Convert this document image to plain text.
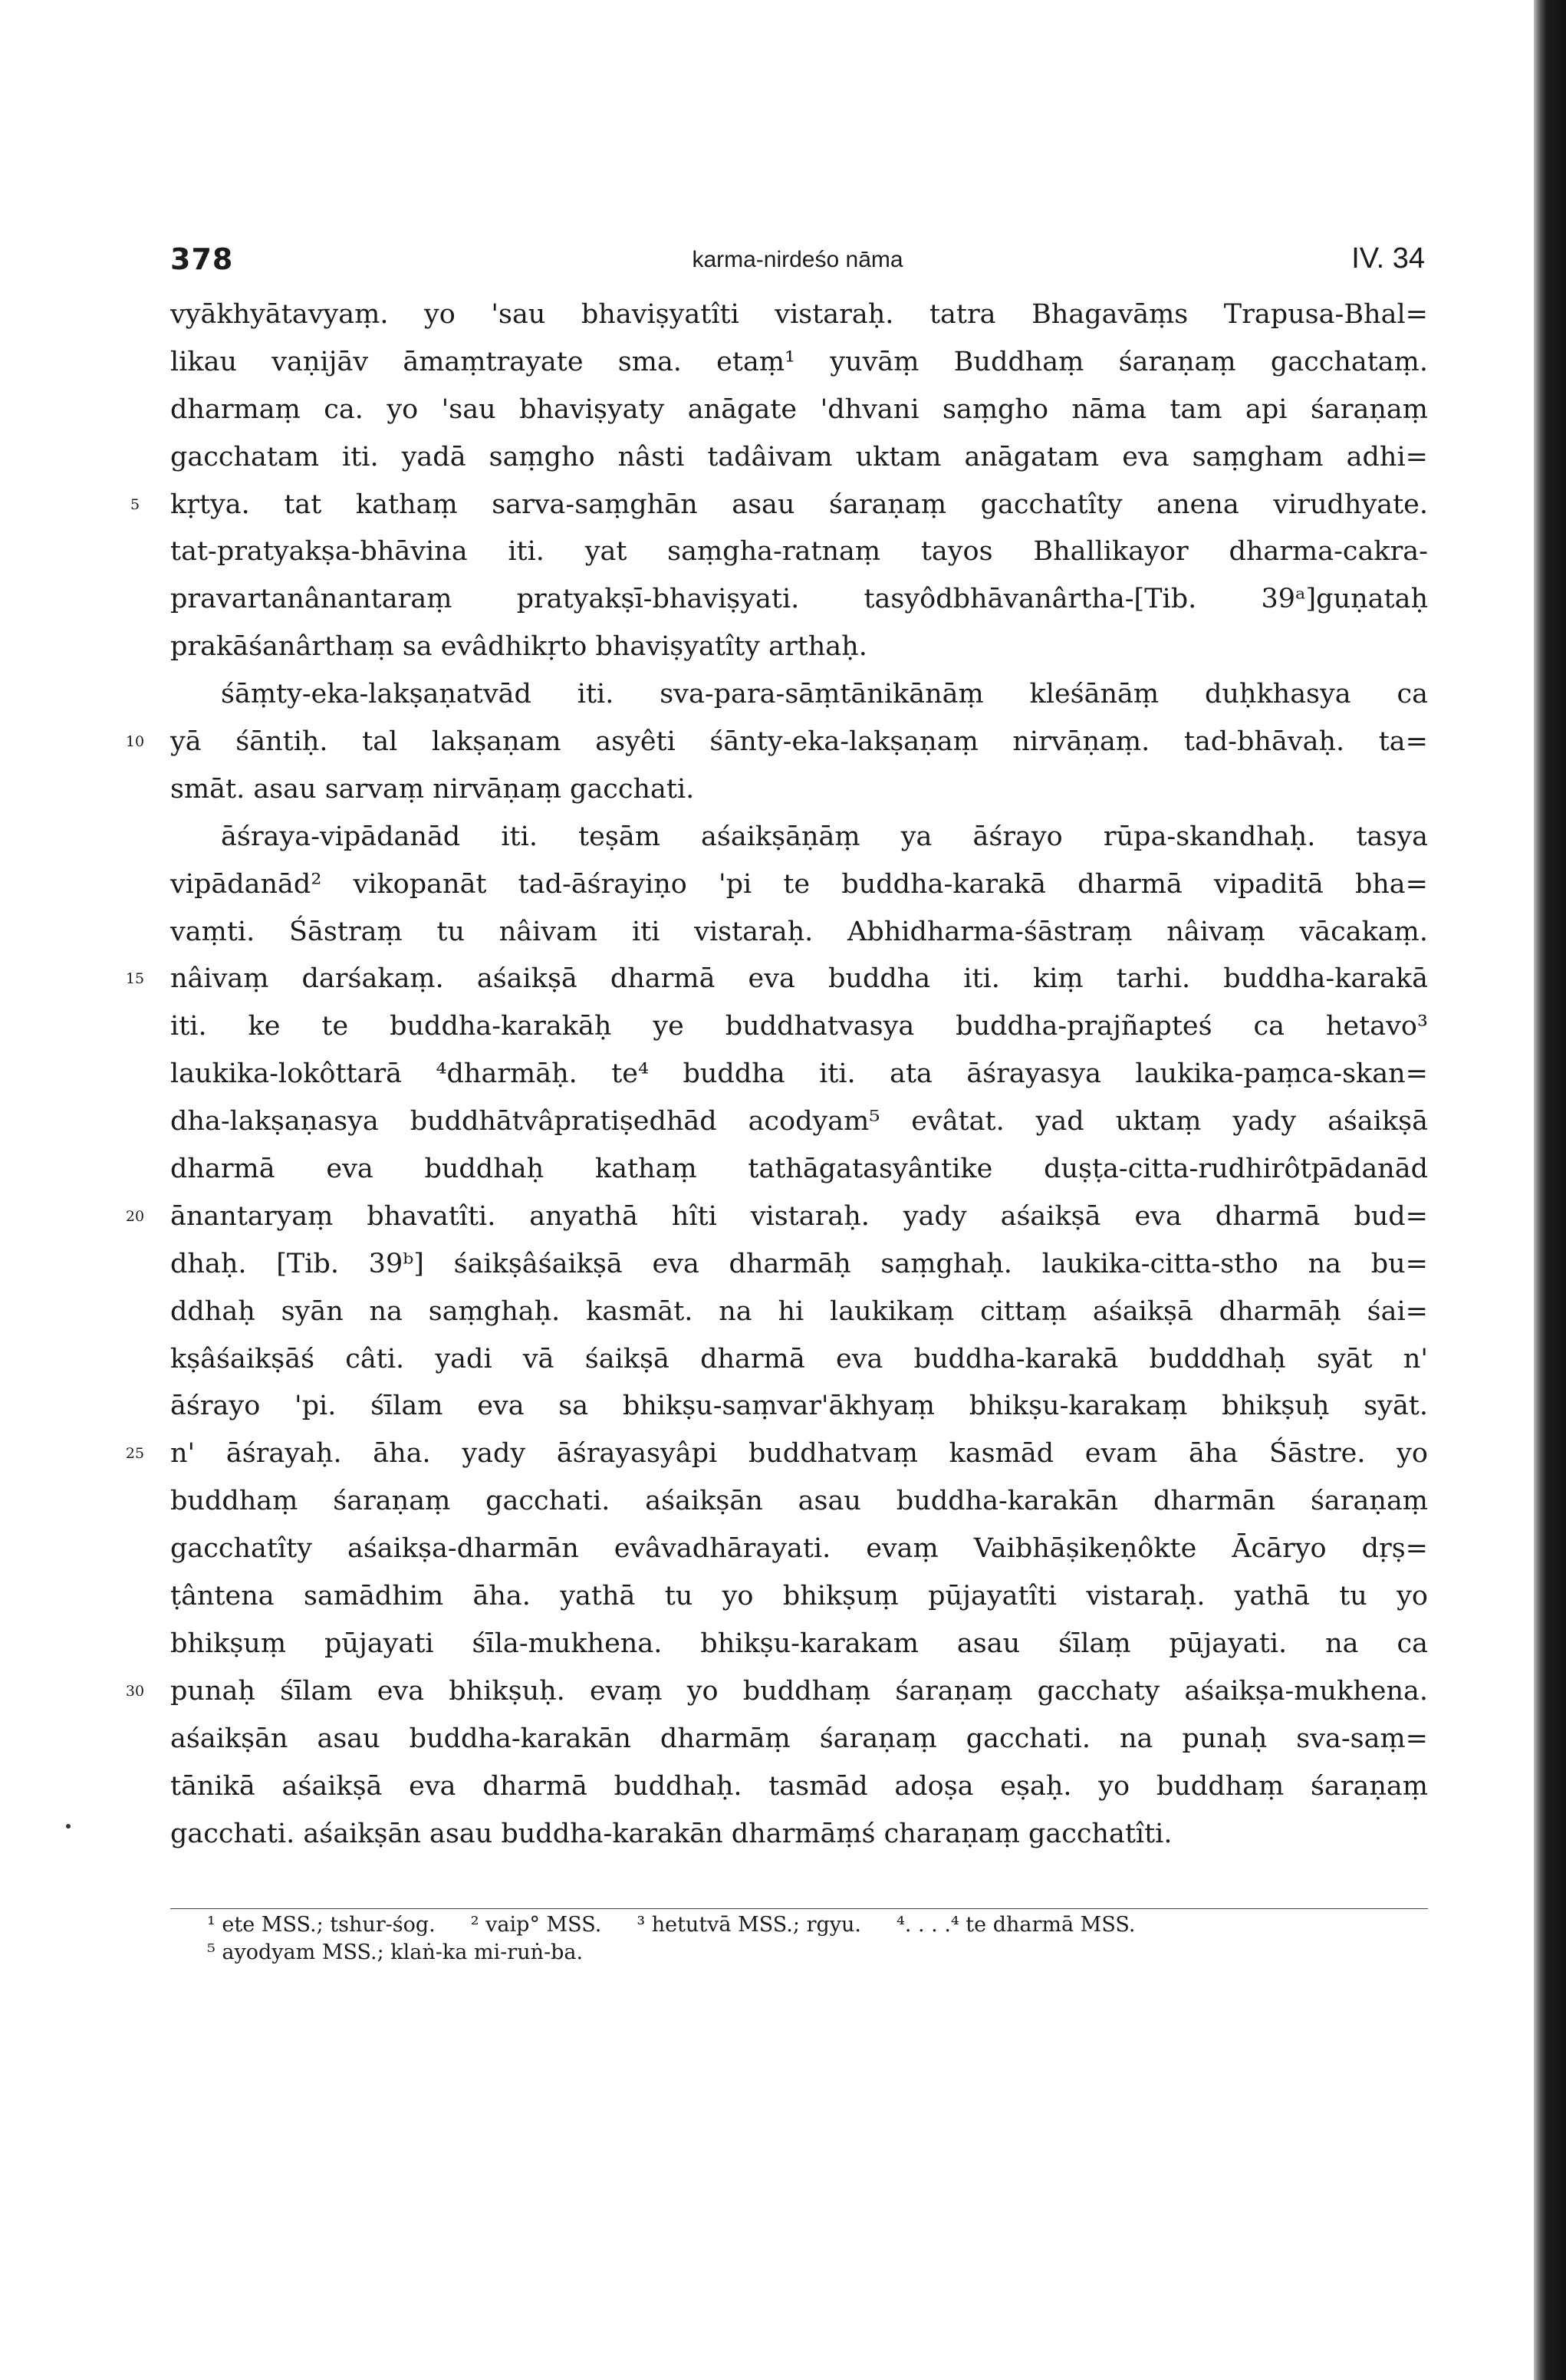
378	karma-nirdeśo nāma	IV. 34
vyākhyātavyaṃ. yo 'sau bhaviṣyatîti vistaraḥ. tatra Bhagavāṃs Trapusa-Bhal=
likau vaṇijāv āmaṃtrayate sma. etaṃ¹ yuvāṃ Buddhaṃ śaraṇaṃ gacchataṃ.
dharmaṃ ca. yo 'sau bhaviṣyaty anāgate 'dhvani saṃgho nāma tam api śaraṇaṃ
gacchatam iti. yadā saṃgho nâsti tadâivam uktam anāgatam eva saṃgham adhi=
5	kṛtya. tat kathaṃ sarva-saṃghān asau śaraṇaṃ gacchatîty anena virudhyate.
tat-pratyakṣa-bhāvina iti. yat saṃgha-ratnaṃ tayos Bhallikayor dharma-cakra-
pravartanânantaraṃ pratyakṣī-bhaviṣyati. tasyôdbhāvanârtha-[Tib. 39ᵃ]guṇataḥ
prakāśanârthaṃ sa evâdhikṛto bhaviṣyatîty arthaḥ.
śāṃty-eka-lakṣaṇatvād iti. sva-para-sāṃtānikānāṃ kleśānāṃ duḥkhasya ca
10 yā śāntiḥ. tal lakṣaṇam asyêti śānty-eka-lakṣaṇaṃ nirvāṇaṃ. tad-bhāvaḥ. ta=
smāt. asau sarvaṃ nirvāṇaṃ gacchati.
āśraya-vipādanād iti. teṣām aśaikṣāṇāṃ ya āśrayo rūpa-skandhaḥ. tasya
vipādanād² vikopanāt tad-āśrayiṇo 'pi te buddha-karakā dharmā vipaditā bha=
vaṃti. Śāstraṃ tu nâivam iti vistaraḥ. Abhidharma-śāstraṃ nâivaṃ vācakaṃ.
15 nâivaṃ darśakaṃ. aśaikṣā dharmā eva buddha iti. kiṃ tarhi. buddha-karakā
iti. ke te buddha-karakāḥ ye buddhatvasya buddha-prajñapteś ca hetavo³
laukika-lokôttarā ⁴dharmāḥ. te⁴ buddha iti. ata āśrayasya laukika-paṃca-skan=
dha-lakṣaṇasya buddhātvâpratiṣedhād acodyam⁵ evâtat. yad uktaṃ yady aśaikṣā
dharmā eva buddhaḥ kathaṃ tathāgatasyântike duṣṭa-citta-rudhirôtpādanād
20 ānantaryaṃ bhavatîti. anyathā hîti vistaraḥ. yady aśaikṣā eva dharmā bud=
dhaḥ. [Tib. 39ᵇ] śaikṣâśaikṣā eva dharmāḥ saṃghaḥ. laukika-citta-stho na bu=
ddhaḥ syān na saṃghaḥ. kasmāt. na hi laukikaṃ cittaṃ aśaikṣā dharmāḥ śai=
kṣâśaikṣāś câti. yadi vā śaikṣā dharmā eva buddha-karakā budddhaḥ syāt n'
āśrayo 'pi. śīlam eva sa bhikṣu-saṃvar'ākhyaṃ bhikṣu-karakaṃ bhikṣuḥ syāt.
25 n' āśrayaḥ. āha. yady āśrayasyâpi buddhatvaṃ kasmād evam āha Śāstre. yo
buddhaṃ śaraṇaṃ gacchati. aśaikṣān asau buddha-karakān dharmān śaraṇaṃ
gacchatîty aśaikṣa-dharmān evâvadhārayati. evaṃ Vaibhāṣikeṇôkte Ācāryo dṛṣ=
ṭântena samādhim āha. yathā tu yo bhikṣuṃ pūjayatîti vistaraḥ. yathā tu yo
bhikṣuṃ pūjayati śīla-mukhena. bhikṣu-karakam asau śīlaṃ pūjayati. na ca
30 punaḥ śīlam eva bhikṣuḥ. evaṃ yo buddhaṃ śaraṇaṃ gacchaty aśaikṣa-mukhena.
aśaikṣān asau buddha-karakān dharmāṃ śaraṇaṃ gacchati. na punaḥ sva-saṃ=
tānikā aśaikṣā eva dharmā buddhaḥ. tasmād adoṣa eṣaḥ. yo buddhaṃ śaraṇaṃ
gacchati. aśaikṣān asau buddha-karakān dharmāṃś charaṇaṃ gacchatîti.
¹ ete MSS.; tshur-śog. ² vaip° MSS. ³ hetutvā MSS.; rgyu. ⁴. . . .⁴ te dharmā MSS.
⁵ ayodyam MSS.; klaṅ-ka mi-ruṅ-ba.
